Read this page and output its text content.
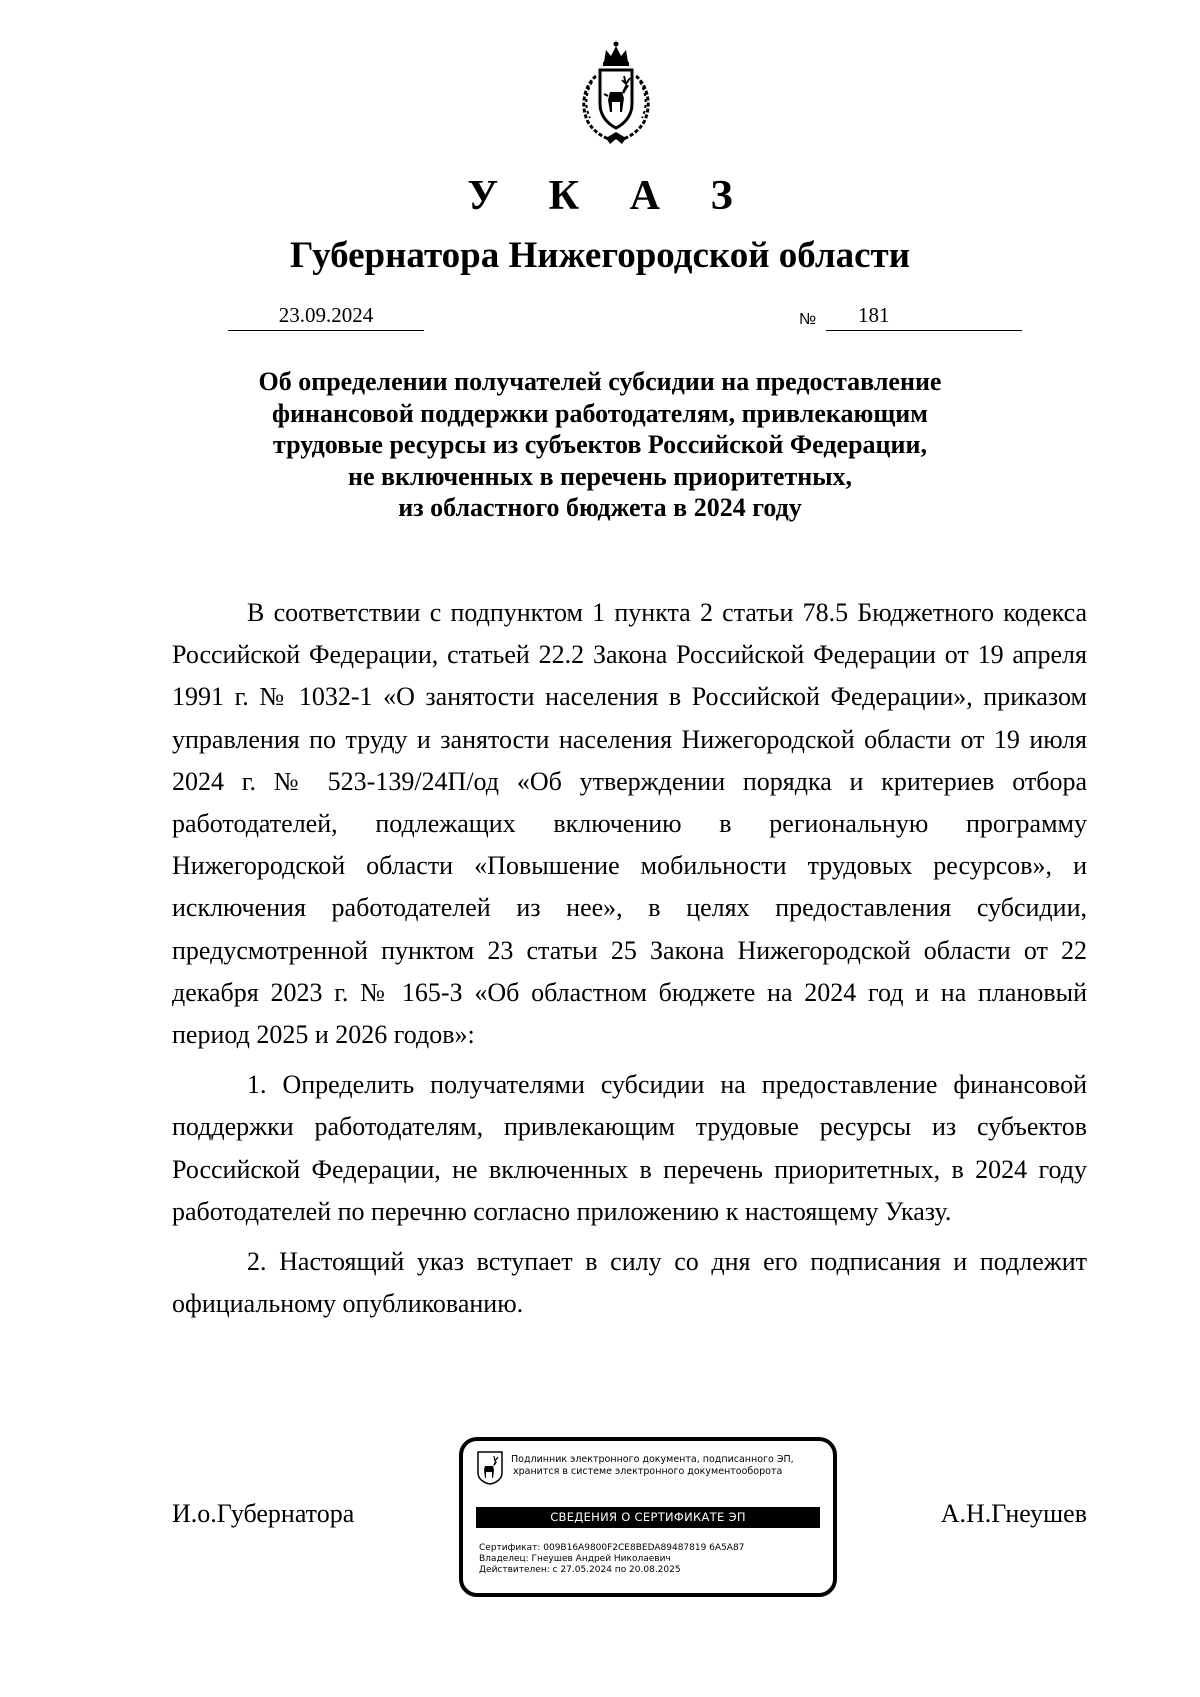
У К А З
Губернатора Нижегородской области
23.09.2024	№	181
Об определении получателей субсидии на предоставление
финансовой поддержки работодателям, привлекающим
трудовые ресурсы из субъектов Российской Федерации,
не включенных в перечень приоритетных,
из областного бюджета в 2024 году

В соответствии с подпунктом 1 пункта 2 статьи 78.5 Бюджетного кодекса Российской Федерации, статьей 22.2 Закона Российской Федерации от 19 апреля 1991 г. № 1032-1 «О занятости населения в Российской Федерации», приказом управления по труду и занятости населения Нижегородской области от 19 июля 2024 г. № 523-139/24П/од «Об утверждении порядка и критериев отбора работодателей, подлежащих включению в региональную программу Нижегородской области «Повышение мобильности трудовых ресурсов», и исключения работодателей из нее», в целях предоставления субсидии, предусмотренной пунктом 23 статьи 25 Закона Нижегородской области от 22 декабря 2023 г. № 165-З «Об областном бюджете на 2024 год и на плановый период 2025 и 2026 годов»:

1. Определить получателями субсидии на предоставление финансовой поддержки работодателям, привлекающим трудовые ресурсы из субъектов Российской Федерации, не включенных в перечень приоритетных, в 2024 году работодателей по перечню согласно приложению к настоящему Указу.

2. Настоящий указ вступает в силу со дня его подписания и подлежит официальному опубликованию.

И.о.Губернатора	А.Н.Гнеушев
Подлинник электронного документа, подписанного ЭП,
хранится в системе электронного документооборота
СВЕДЕНИЯ О СЕРТИФИКАТЕ ЭП
Сертификат: 009B16A9800F2CE8BEDA89487819 6A5A87
Владелец: Гнеушев Андрей Николаевич
Действителен: с 27.05.2024 по 20.08.2025
